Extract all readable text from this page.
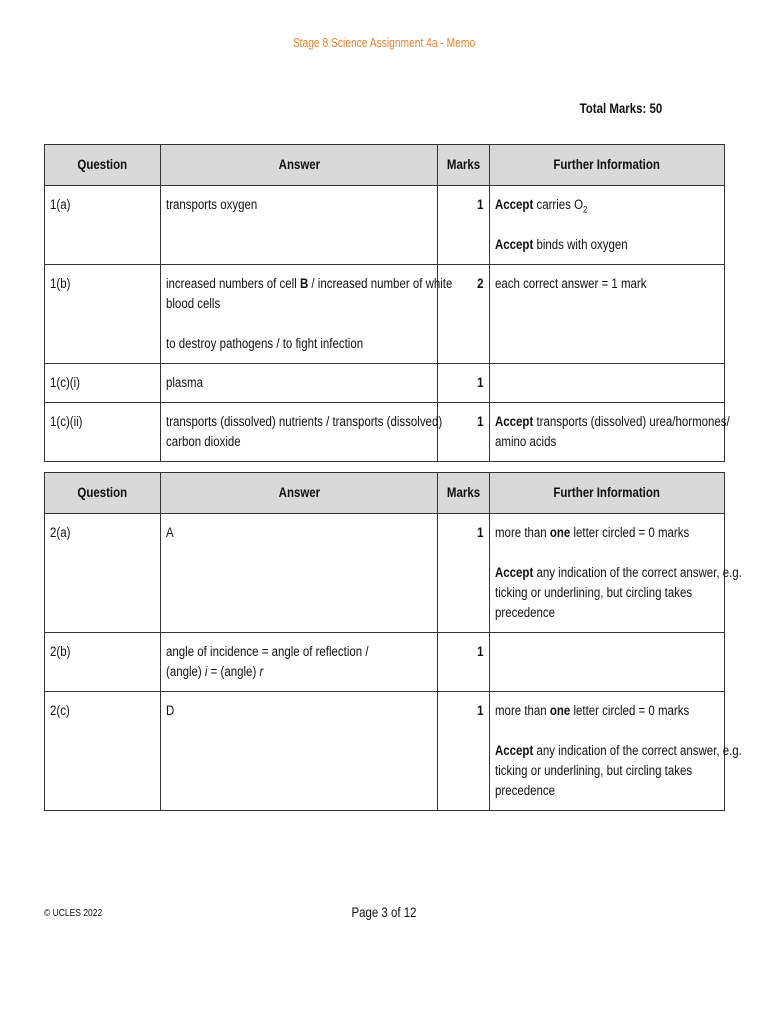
Stage 8 Science Assignment 4a - Memo
Total Marks: 50
Question	Answer	Marks	Further Information
1(a)	transports oxygen	1	Accept carries $O_2$
Accept binds with oxygen

1(b)	increased numbers of cell B / increased number of white
blood cells
to destroy pathogens / to fight infection	2	each correct answer = 1 mark
1(c)(i)	plasma	1	
1(c)(ii)	transports (dissolved) nutrients / transports (dissolved)
carbon dioxide	1	Accept transports (dissolved) urea/hormones/
amino acids
Question	Answer	Marks	Further Information
2(a)	A	1	more than one letter circled = 0 marks
Accept any indication of the correct answer, e.g.
ticking or underlining, but circling takes
precedence

2(b)	angle of incidence = angle of reflection /
(angle) i = (angle) r	1	
2(c)	D	1	more than one letter circled = 0 marks
Accept any indication of the correct answer, e.g.
ticking or underlining, but circling takes
precedence
© UCLES 2022	Page 3 of 12
